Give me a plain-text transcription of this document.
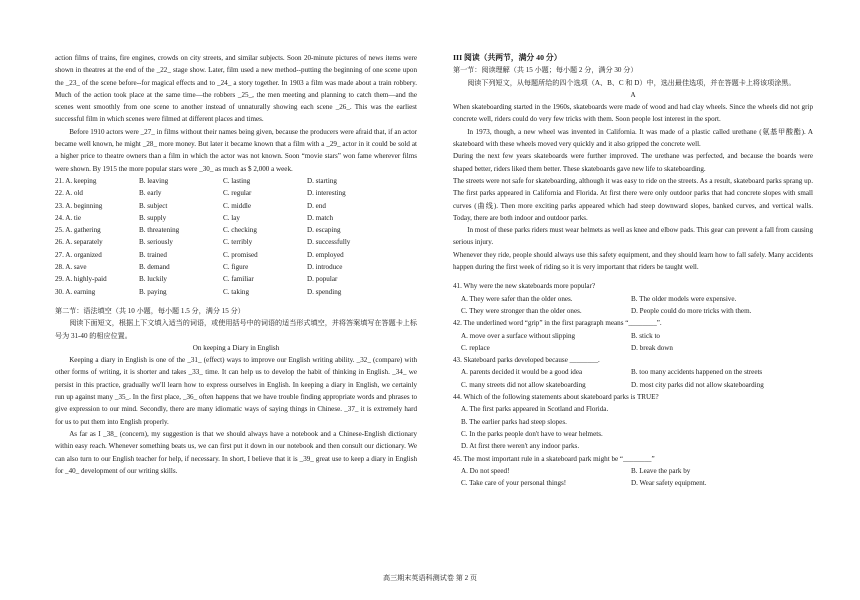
action films of trains, fire engines, crowds on city streets, and similar subjects. Soon 20-minute pictures of news items were shown in theatres at the end of the _22_ stage show. Later, film used a new method--putting the beginning of one scene upon the _23_ of the scene before--for magical effects and to _24_ a story together. In 1903 a film was made about a train robbery. Much of the action took place at the same time—the robbers _25_, the men meeting and planning to catch them—and the scenes went smoothly from one scene to another instead of unnaturally showing each scene _26_. This was the earliest successful film in which scenes were filmed at different places and times.

Before 1910 actors were _27_ in films without their names being given, because the producers were afraid that, if an actor became well known, he might _28_ more money. But later it became known that a film with a _29_ actor in it could be sold at a higher price to theatre owners than a film in which the actor was not known. Soon “movie stars” won fame wherever films were shown. By 1915 the more popular stars were _30_ as much as $ 2,000 a week.

21. A. keeping	B. leaving	C. lasting	D. starting
22. A. old	B. early	C. regular	D. interesting
23. A. beginning	B. subject	C. middle	D. end
24. A. tie	B. supply	C. lay	D. match
25. A. gathering	B. threatening	C. checking	D. escaping
26. A. separately	B. seriously	C. terribly	D. successfully
27. A. organized	B. trained	C. promised	D. employed
28. A. save	B. demand	C. figure	D. introduce
29. A. highly-paid	B. luckily	C. familiar	D. popular
30. A. earning	B. paying	C. taking	D. spending

第二节：语法填空（共 10 小题，每小题 1.5 分，满分 15 分）

阅读下面短文，根据上下文填入适当的词语，或使用括号中的词语的适当形式填空，并将答案填写在答题卡上标号为 31-40 的相应位置。

On keeping a Diary in English

Keeping a diary in English is one of the _31_ (effect) ways to improve our English writing ability. _32_ (compare) with other forms of writing, it is shorter and takes _33_ time. It can help us to develop the habit of thinking in English. _34_ we persist in this practice, gradually we'll learn how to express ourselves in English. In keeping a diary in English, we certainly run up against many _35_. In the first place, _36_ often happens that we have trouble finding appropriate words and phrases to give expression to our mind. Secondly, there are many idiomatic ways of saying things in Chinese. _37_ it is extremely hard for us to put them into English properly.

As far as I _38_ (concern), my suggestion is that we should always have a notebook and a Chinese-English dictionary within easy reach. Whenever something beats us, we can first put it down in our notebook and then consult our dictionary. We can also turn to our English teacher for help, if necessary. In short, I believe that it is _39_ great use to keep a diary in English for _40_ development of our writing skills.

III 阅读（共两节，满分 40 分）

第一节：阅读理解（共 15 小题；每小题 2 分，满分 30 分）

阅读下列短文，从每题所给的四个选项（A、B、C 和 D）中，选出最佳选项，并在答题卡上将该项涂黑。

A

When skateboarding started in the 1960s, skateboards were made of wood and had clay wheels. Since the wheels did not grip concrete well, riders could do very few tricks with them. Soon people lost interest in the sport.

In 1973, though, a new wheel was invented in California. It was made of a plastic called urethane (氨基甲酸酯). A skateboard with these wheels moved very quickly and it also gripped the concrete well.

During the next few years skateboards were further improved. The urethane was perfected, and because the boards were shaped better, riders liked them better. These skateboards gave new life to skateboarding.

The streets were not safe for skateboarding, although it was easy to ride on the streets. As a result, skateboard parks sprang up. The first parks appeared in California and Florida. At first there were only outdoor parks that had concrete slopes with small curves (曲线). Then more exciting parks appeared which had steep downward slopes, banked curves, and vertical walls. Today, there are both indoor and outdoor parks.

In most of these parks riders must wear helmets as well as knee and elbow pads. This gear can prevent a fall from causing serious injury.

Whenever they ride, people should always use this safety equipment, and they should learn how to fall safely. Many accidents happen during the first week of riding so it is very important that riders be taught well.

41. Why were the new skateboards more popular?

A. They were safer than the older ones.	B. The older models were expensive.
C. They were stronger than the older ones.	D. People could do more tricks with them.

42. The underlined word “grip” in the first paragraph means “________”.

A. move over a surface without slipping	B. stick to
C. replace	D. break down

43. Skateboard parks developed because ________.

A. parents decided it would be a good idea	B. too many accidents happened on the streets
C. many streets did not allow skateboarding	D. most city parks did not allow skateboarding

44. Which of the following statements about skateboard parks is TRUE?

A. The first parks appeared in Scotland and Florida.

B. The earlier parks had steep slopes.

C. In the parks people don't have to wear helmets.

D. At first there weren't any indoor parks.

45. The most important rule in a skateboard park might be “________”

A. Do not speed!	B. Leave the park by
C. Take care of your personal things!	D. Wear safety equipment.
高三期末英语科测试卷 第 2 页
